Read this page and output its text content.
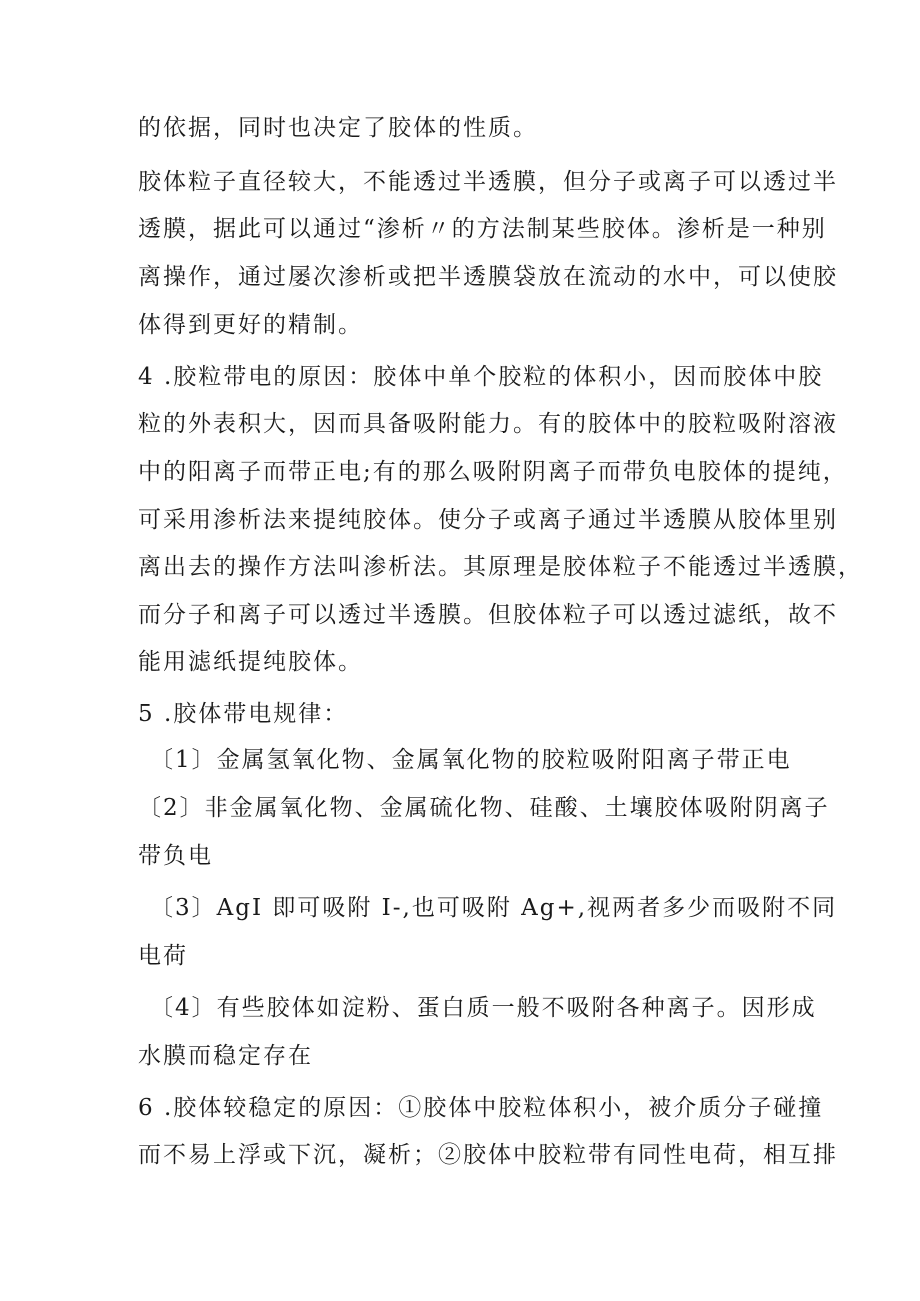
的依据，同时也决定了胶体的性质。
胶体粒子直径较大，不能透过半透膜，但分子或离子可以透过半
透膜，据此可以通过“渗析〃的方法制某些胶体。渗析是一种别
离操作，通过屡次渗析或把半透膜袋放在流动的水中，可以使胶
体得到更好的精制。
4 .胶粒带电的原因：胶体中单个胶粒的体积小，因而胶体中胶
粒的外表积大，因而具备吸附能力。有的胶体中的胶粒吸附溶液
中的阳离子而带正电;有的那么吸附阴离子而带负电胶体的提纯，
可采用渗析法来提纯胶体。使分子或离子通过半透膜从胶体里别
离出去的操作方法叫渗析法。其原理是胶体粒子不能透过半透膜，
而分子和离子可以透过半透膜。但胶体粒子可以透过滤纸，故不
能用滤纸提纯胶体。
5 .胶体带电规律：
〔1〕金属氢氧化物、金属氧化物的胶粒吸附阳离子带正电
〔2〕非金属氧化物、金属硫化物、硅酸、土壤胶体吸附阴离子
带负电
〔3〕AgI 即可吸附 I-,也可吸附 Ag+,视两者多少而吸附不同
电荷
〔4〕有些胶体如淀粉、蛋白质一般不吸附各种离子。因形成
水膜而稳定存在
6 .胶体较稳定的原因：①胶体中胶粒体积小，被介质分子碰撞
而不易上浮或下沉，凝析；②胶体中胶粒带有同性电荷，相互排
